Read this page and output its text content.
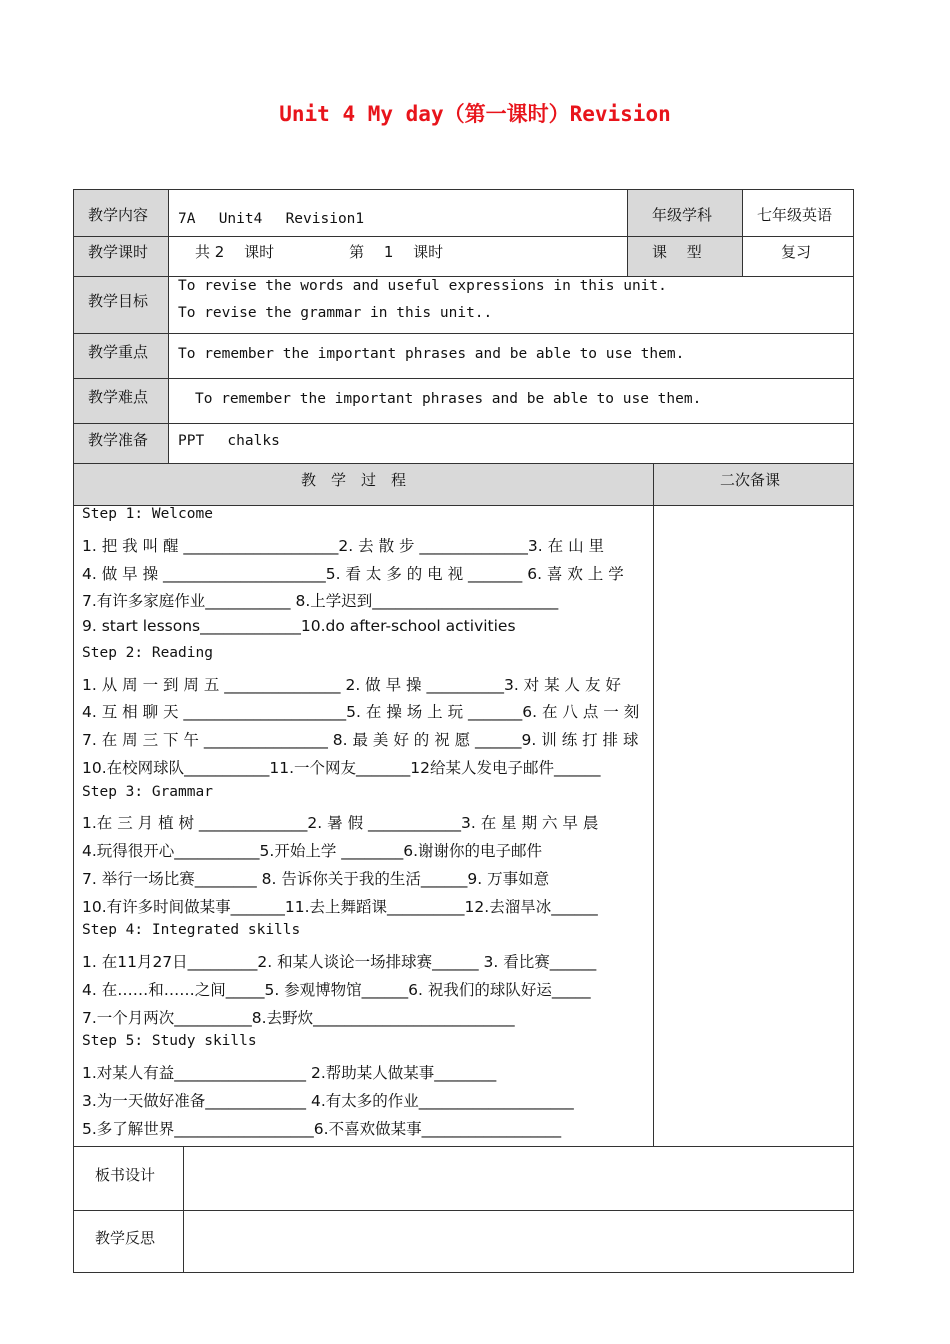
Unit 4 My day（第一课时）Revision
教学内容 7A　 Unit4　 Revision1	年级学科	七年级英语
教学课时	共 2　 课时　　　　　第 　1　 课时	课　 型	复习
教学目标
To revise the words and useful expressions in this unit.
To revise the grammar in this unit..
教学重点 To remember the important phrases and be able to use them.
教学难点	To remember the important phrases and be able to use them.
教学准备 PPT　 chalks
教　学　过　程	二次备课
Step 1: Welcome
1. 把 我 叫 醒 ____________________2. 去 散 步 ______________3. 在 山 里
4. 做 早 操 _____________________5. 看 太 多 的 电 视 _______ 6. 喜 欢 上 学
7.有许多家庭作业___________ 8.上学迟到________________________
9. start lessons_____________10.do after-school activities
Step 2: Reading
1. 从 周 一 到 周 五 _______________ 2. 做 早 操 __________3. 对 某 人 友 好
4. 互 相 聊 天 _____________________5. 在 操 场 上 玩 _______6. 在 八 点 一 刻
7. 在 周 三 下 午 ________________ 8. 最 美 好 的 祝 愿 ______9. 训 练 打 排 球
10.在校网球队___________11.一个网友_______12给某人发电子邮件______
Step 3: Grammar
1.在 三 月 植 树 ______________2. 暑 假 ____________3. 在 星 期 六 早 晨
4.玩得很开心___________5.开始上学 ________6.谢谢你的电子邮件
7. 举行一场比赛________ 8. 告诉你关于我的生活______9. 万事如意
10.有许多时间做某事_______11.去上舞蹈课__________12.去溜旱冰______
Step 4: Integrated skills
1. 在11月27日_________2. 和某人谈论一场排球赛______ 3. 看比赛______
4. 在……和……之间_____5. 参观博物馆______6. 祝我们的球队好运_____
7.一个月两次__________8.去野炊__________________________
Step 5: Study skills
1.对某人有益_________________ 2.帮助某人做某事________
3.为一天做好准备_____________ 4.有太多的作业____________________
5.多了解世界__________________6.不喜欢做某事__________________
板书设计
教学反思
